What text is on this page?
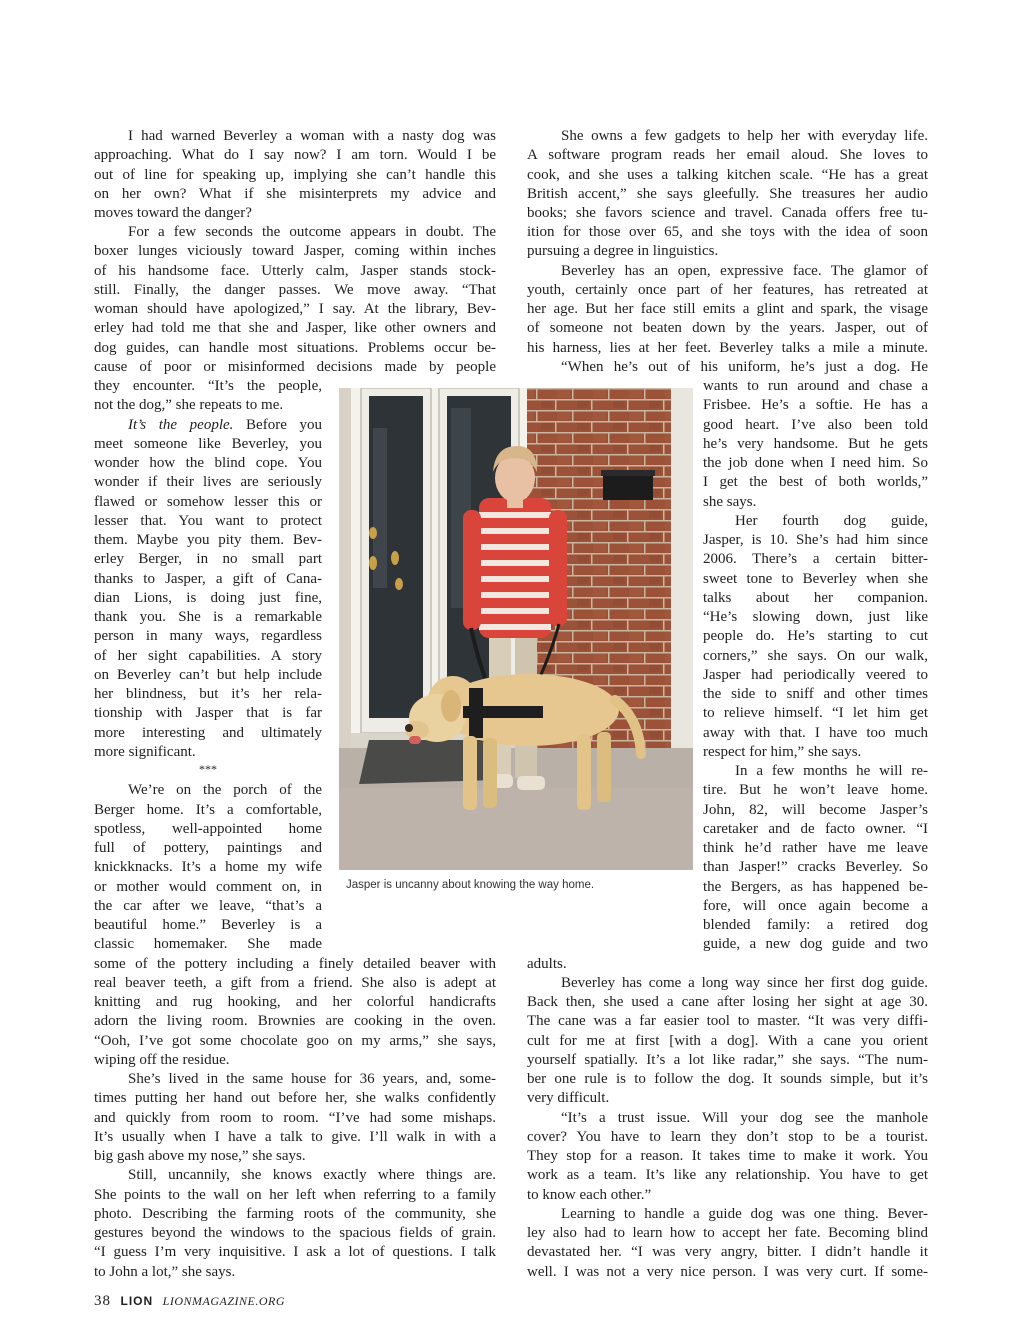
I had warned Beverley a woman with a nasty dog was

approaching. What do I say now? I am torn. Would I be

out of line for speaking up, implying she can’t handle this

on her own? What if she misinterprets my advice and

moves toward the danger?

For a few seconds the outcome appears in doubt. The

boxer lunges viciously toward Jasper, coming within inches

of his handsome face. Utterly calm, Jasper stands stock-

still. Finally, the danger passes. We move away. “That

woman should have apologized,” I say. At the library, Bev-

erley had told me that she and Jasper, like other owners and

dog guides, can handle most situations. Problems occur be-

cause of poor or misinformed decisions made by people

they encounter. “It’s the people,

not the dog,” she repeats to me.

It’s the people. Before you

meet someone like Beverley, you

wonder how the blind cope. You

wonder if their lives are seriously

flawed or somehow lesser this or

lesser that. You want to protect

them. Maybe you pity them. Bev-

erley Berger, in no small part

thanks to Jasper, a gift of Cana-

dian Lions, is doing just fine,

thank you. She is a remarkable

person in many ways, regardless

of her sight capabilities. A story

on Beverley can’t but help include

her blindness, but it’s her rela-

tionship with Jasper that is far

more interesting and ultimately

more significant.

***

We’re on the porch of the

Berger home. It’s a comfortable,

spotless, well-appointed home

full of pottery, paintings and

knickknacks. It’s a home my wife

or mother would comment on, in

the car after we leave, “that’s a

beautiful home.” Beverley is a

classic homemaker. She made

some of the pottery including a finely detailed beaver with

real beaver teeth, a gift from a friend. She also is adept at

knitting and rug hooking, and her colorful handicrafts

adorn the living room. Brownies are cooking in the oven.

“Ooh, I’ve got some chocolate goo on my arms,” she says,

wiping off the residue.

She’s lived in the same house for 36 years, and, some-

times putting her hand out before her, she walks confidently

and quickly from room to room. “I’ve had some mishaps.

It’s usually when I have a talk to give. I’ll walk in with a

big gash above my nose,” she says.

Still, uncannily, she knows exactly where things are.

She points to the wall on her left when referring to a family

photo. Describing the farming roots of the community, she

gestures beyond the windows to the spacious fields of grain.

“I guess I’m very inquisitive. I ask a lot of questions. I talk

to John a lot,” she says.

She owns a few gadgets to help her with everyday life.

A software program reads her email aloud. She loves to

cook, and she uses a talking kitchen scale. “He has a great

British accent,” she says gleefully. She treasures her audio

books; she favors science and travel. Canada offers free tu-

ition for those over 65, and she toys with the idea of soon

pursuing a degree in linguistics.

Beverley has an open, expressive face. The glamor of

youth, certainly once part of her features, has retreated at

her age. But her face still emits a glint and spark, the visage

of someone not beaten down by the years. Jasper, out of

his harness, lies at her feet. Beverley talks a mile a minute.

“When he’s out of his uniform, he’s just a dog. He

wants to run around and chase a

Frisbee. He’s a softie. He has a

good heart. I’ve also been told

he’s very handsome. But he gets

the job done when I need him. So

I get the best of both worlds,”

she says.

Her fourth dog guide,

Jasper, is 10. She’s had him since

2006. There’s a certain bitter-

sweet tone to Beverley when she

talks about her companion.

“He’s slowing down, just like

people do. He’s starting to cut

corners,” she says. On our walk,

Jasper had periodically veered to

the side to sniff and other times

to relieve himself. “I let him get

away with that. I have too much

respect for him,” she says.

In a few months he will re-

tire. But he won’t leave home.

John, 82, will become Jasper’s

caretaker and de facto owner. “I

think he’d rather have me leave

than Jasper!” cracks Beverley. So

the Bergers, as has happened be-

fore, will once again become a

blended family: a retired dog

guide, a new dog guide and two

adults.

Beverley has come a long way since her first dog guide.

Back then, she used a cane after losing her sight at age 30.

The cane was a far easier tool to master. “It was very diffi-

cult for me at first [with a dog]. With a cane you orient

yourself spatially. It’s a lot like radar,” she says. “The num-

ber one rule is to follow the dog. It sounds simple, but it’s

very difficult.

“It’s a trust issue. Will your dog see the manhole

cover? You have to learn they don’t stop to be a tourist.

They stop for a reason. It takes time to make it work. You

work as a team. It’s like any relationship. You have to get

to know each other.”

Learning to handle a guide dog was one thing. Bever-

ley also had to learn how to accept her fate. Becoming blind

devastated her. “I was very angry, bitter. I didn’t handle it

well. I was not a very nice person. I was very curt. If some-

Jasper is uncanny about knowing the way home.
38 LION LIONMAGAZINE.ORG
